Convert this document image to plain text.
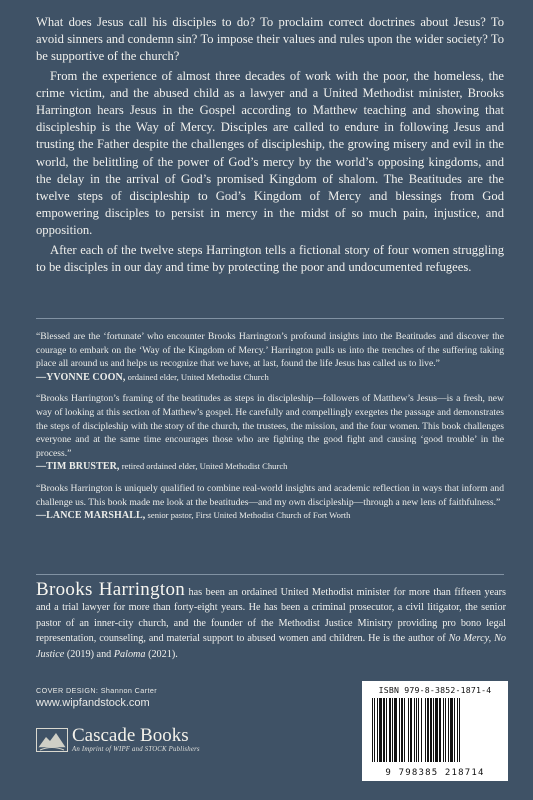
What does Jesus call his disciples to do? To proclaim correct doctrines about Jesus? To avoid sinners and condemn sin? To impose their values and rules upon the wider society? To be supportive of the church?

From the experience of almost three decades of work with the poor, the homeless, the crime victim, and the abused child as a lawyer and a United Methodist minister, Brooks Harrington hears Jesus in the Gospel according to Matthew teaching and showing that discipleship is the Way of Mercy. Disciples are called to endure in following Jesus and trusting the Father despite the challenges of discipleship, the growing misery and evil in the world, the belittling of the power of God’s mercy by the world’s opposing kingdoms, and the delay in the arrival of God’s promised Kingdom of shalom. The Beatitudes are the twelve steps of discipleship to God’s Kingdom of Mercy and blessings from God empowering disciples to persist in mercy in the midst of so much pain, injustice, and opposition.

After each of the twelve steps Harrington tells a fictional story of four women struggling to be disciples in our day and time by protecting the poor and undocumented refugees.

“Blessed are the ‘fortunate’ who encounter Brooks Harrington’s profound insights into the Beatitudes and discover the courage to embark on the ‘Way of the Kingdom of Mercy.’ Harrington pulls us into the trenches of the suffering taking place all around us and helps us recognize that we have, at last, found the life Jesus has called us to live.”
—YVONNE COON, ordained elder, United Methodist Church
“Brooks Harrington’s framing of the beatitudes as steps in discipleship—followers of Matthew’s Jesus—is a fresh, new way of looking at this section of Matthew’s gospel. He carefully and compellingly exegetes the passage and demonstrates the steps of discipleship with the story of the church, the trustees, the mission, and the four women. This book challenges everyone and at the same time encourages those who are fighting the good fight and causing ‘good trouble’ in the process.”
—TIM BRUSTER, retired ordained elder, United Methodist Church
“Brooks Harrington is uniquely qualified to combine real-world insights and academic reflection in ways that inform and challenge us. This book made me look at the beatitudes—and my own discipleship—through a new lens of faithfulness.”
—LANCE MARSHALL, senior pastor, First United Methodist Church of Fort Worth
Brooks Harrington has been an ordained United Methodist minister for more than fifteen years and a trial lawyer for more than forty-eight years. He has been a criminal prosecutor, a civil litigator, the senior pastor of an inner-city church, and the founder of the Methodist Justice Ministry providing pro bono legal representation, counseling, and material support to abused women and children. He is the author of No Mercy, No Justice (2019) and Paloma (2021).
COVER DESIGN: Shannon Carter
www.wipfandstock.com
Cascade Books
An Imprint of WIPF and STOCK Publishers
ISBN 979-8-3852-1871-4
9 798385 218714
